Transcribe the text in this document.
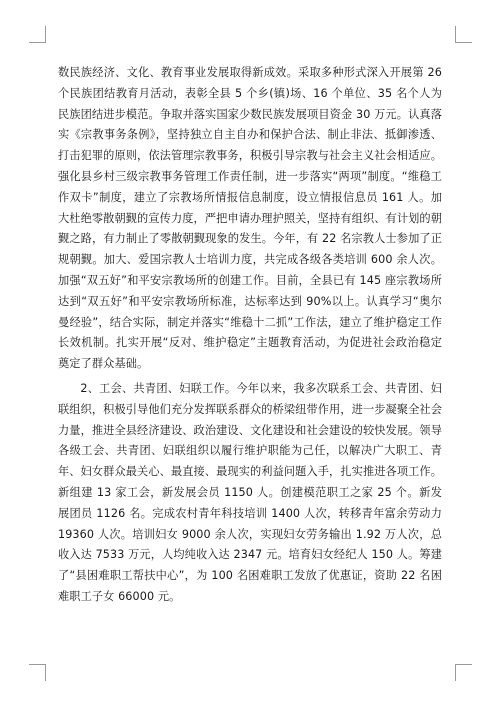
数民族经济、文化、教育事业发展取得新成效。采取多种形式深入开展第 26 个民族团结教育月活动，表彰全县 5 个乡(镇)场、16 个单位、35 名个人为民族团结进步模范。争取并落实国家少数民族发展项目资金 30 万元。认真落实《宗教事务条例》，坚持独立自主自办和保护合法、制止非法、抵御渗透、打击犯罪的原则，依法管理宗教事务，积极引导宗教与社会主义社会相适应。强化县乡村三级宗教事务管理工作责任制，进一步落实“两项”制度。“维稳工作双卡”制度，建立了宗教场所情报信息制度，设立情报信息员 161 人。加大杜绝零散朝觐的宣传力度，严把申请办理护照关，坚持有组织、有计划的朝觐之路，有力制止了零散朝觐现象的发生。今年，有 22 名宗教人士参加了正规朝觐。加大、爱国宗教人士培训力度，共完成各级各类培训 600 余人次。加强“双五好”和平安宗教场所的创建工作。目前，全县已有 145 座宗教场所达到“双五好”和平安宗教场所标准，达标率达到 90%以上。认真学习“奥尔曼经验”，结合实际，制定并落实“维稳十二抓”工作法，建立了维护稳定工作长效机制。扎实开展“反对、维护稳定”主题教育活动，为促进社会政治稳定奠定了群众基础。

2、工会、共青团、妇联工作。今年以来，我多次联系工会、共青团、妇联组织，积极引导他们充分发挥联系群众的桥梁纽带作用，进一步凝聚全社会力量，推进全县经济建设、政治建设、文化建设和社会建设的较快发展。领导各级工会、共青团、妇联组织以履行维护职能为己任，以解决广大职工、青年、妇女群众最关心、最直接、最现实的利益问题入手，扎实推进各项工作。新组建 13 家工会，新发展会员 1150 人。创建模范职工之家 25 个。新发展团员 1126 名。完成农村青年科技培训 1400 人次，转移青年富余劳动力 19360 人次。培训妇女 9000 余人次，实现妇女劳务输出 1.92 万人次，总收入达 7533 万元，人均纯收入达 2347 元。培育妇女经纪人 150 人。筹建了“县困难职工帮扶中心”，为 100 名困难职工发放了优惠证，资助 22 名困难职工子女 66000 元。
